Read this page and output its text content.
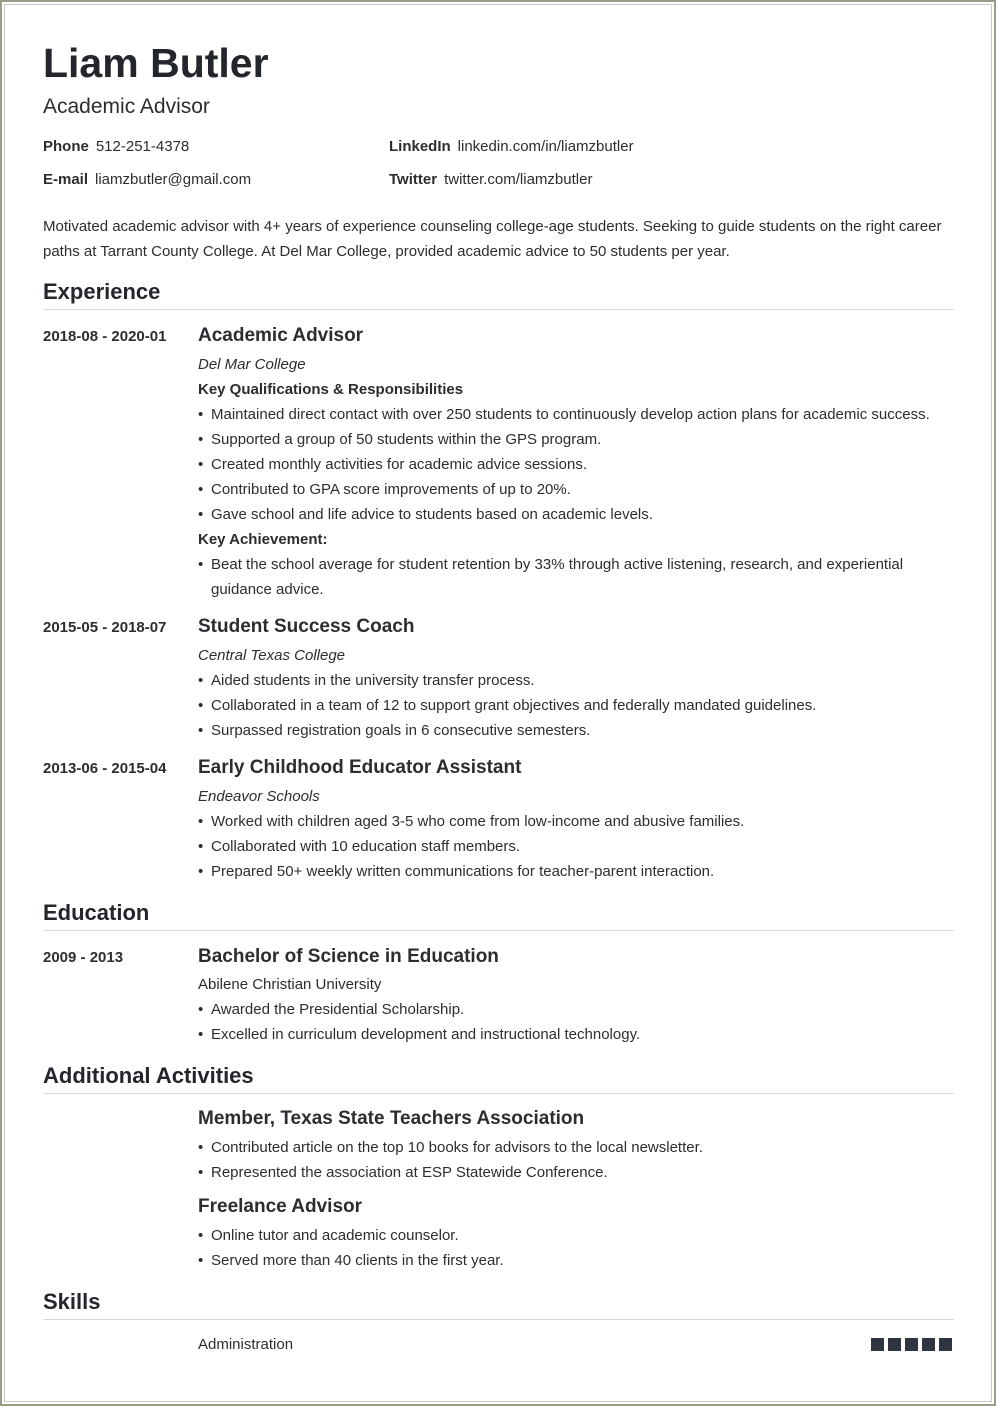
Liam Butler
Academic Advisor
Phone 512-251-4378	LinkedIn linkedin.com/in/liamzbutler
E-mail liamzbutler@gmail.com	Twitter twitter.com/liamzbutler

Motivated academic advisor with 4+ years of experience counseling college-age students. Seeking to guide students on the right career paths at Tarrant County College. At Del Mar College, provided academic advice to 50 students per year.

Experience
2018-08 - 2020-01	Academic Advisor
Del Mar College
Key Qualifications & Responsibilities
• Maintained direct contact with over 250 students to continuously develop action plans for academic success.
• Supported a group of 50 students within the GPS program.
• Created monthly activities for academic advice sessions.
• Contributed to GPA score improvements of up to 20%.
• Gave school and life advice to students based on academic levels.
Key Achievement:
• Beat the school average for student retention by 33% through active listening, research, and experiential guidance advice.
2015-05 - 2018-07	Student Success Coach
Central Texas College
• Aided students in the university transfer process.
• Collaborated in a team of 12 to support grant objectives and federally mandated guidelines.
• Surpassed registration goals in 6 consecutive semesters.
2013-06 - 2015-04	Early Childhood Educator Assistant
Endeavor Schools
• Worked with children aged 3-5 who come from low-income and abusive families.
• Collaborated with 10 education staff members.
• Prepared 50+ weekly written communications for teacher-parent interaction.
Education
2009 - 2013	Bachelor of Science in Education
Abilene Christian University
• Awarded the Presidential Scholarship.
• Excelled in curriculum development and instructional technology.
Additional Activities
Member, Texas State Teachers Association
• Contributed article on the top 10 books for advisors to the local newsletter.
• Represented the association at ESP Statewide Conference.
Freelance Advisor
• Online tutor and academic counselor.
• Served more than 40 clients in the first year.
Skills
Administration
